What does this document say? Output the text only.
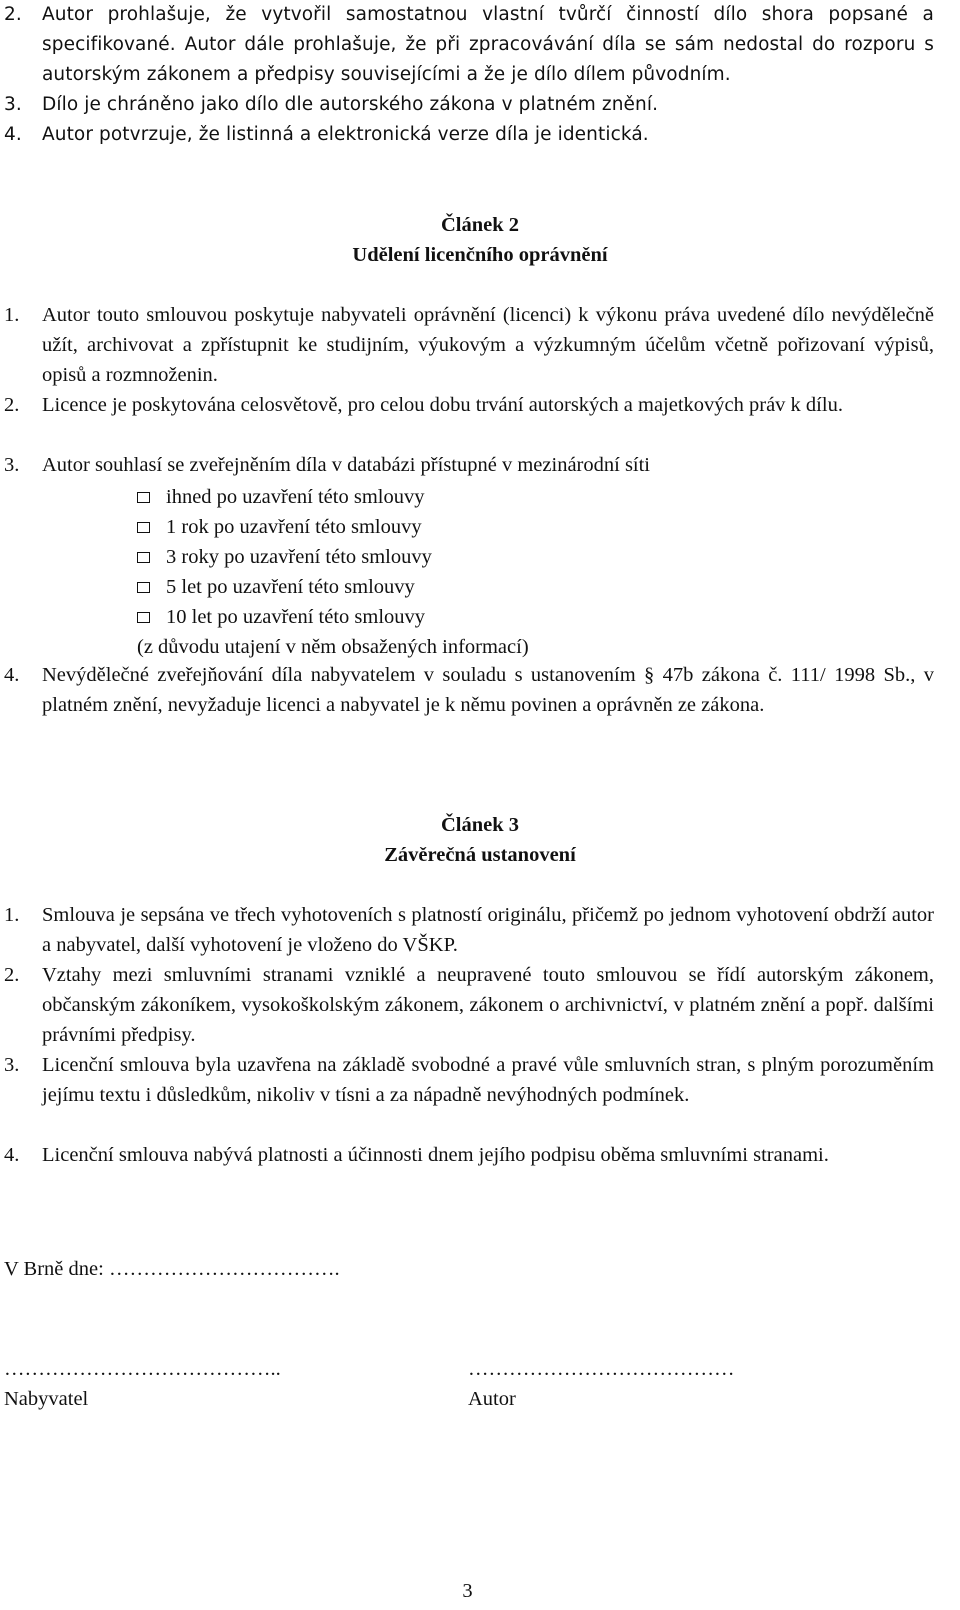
2. Autor prohlašuje, že vytvořil samostatnou vlastní tvůrčí činností dílo shora popsané a specifikované. Autor dále prohlašuje, že při zpracovávání díla se sám nedostal do rozporu s autorským zákonem a předpisy souvisejícími a že je dílo dílem původním.
3. Dílo je chráněno jako dílo dle autorského zákona v platném znění.
4. Autor potvrzuje, že listinná a elektronická verze díla je identická.
Článek 2
Udělení licenčního oprávnění
1. Autor touto smlouvou poskytuje nabyvateli oprávnění (licenci) k výkonu práva uvedené dílo nevýdělečně užít, archivovat a zpřístupnit ke studijním, výukovým a výzkumným účelům včetně pořizovaní výpisů, opisů a rozmnoženin.
2. Licence je poskytována celosvětově, pro celou dobu trvání autorských a majetkových práv k dílu.
3. Autor souhlasí se zveřejněním díla v databázi přístupné v mezinárodní síti
ihned po uzavření této smlouvy
1 rok po uzavření této smlouvy
3 roky po uzavření této smlouvy
5 let po uzavření této smlouvy
10 let po uzavření této smlouvy
(z důvodu utajení v něm obsažených informací)
4. Nevýdělečné zveřejňování díla nabyvatelem v souladu s ustanovením § 47b zákona č. 111/ 1998 Sb., v platném znění, nevyžaduje licenci a nabyvatel je k němu povinen a oprávněn ze zákona.
Článek 3
Závěrečná ustanovení
1. Smlouva je sepsána ve třech vyhotoveních s platností originálu, přičemž po jednom vyhotovení obdrží autor a nabyvatel, další vyhotovení je vloženo do VŠKP.
2. Vztahy mezi smluvními stranami vzniklé a neupravené touto smlouvou se řídí autorským zákonem, občanským zákoníkem, vysokoškolským zákonem, zákonem o archivnictví, v platném znění a popř. dalšími právními předpisy.
3. Licenční smlouva byla uzavřena na základě svobodné a pravé vůle smluvních stran, s plným porozuměním jejímu textu i důsledkům, nikoliv v tísni a za nápadně nevýhodných podmínek.
4. Licenční smlouva nabývá platnosti a účinnosti dnem jejího podpisu oběma smluvními stranami.
V Brně dne: …………………………….
…………………………………..	…………………………………
Nabyvatel	Autor
3
